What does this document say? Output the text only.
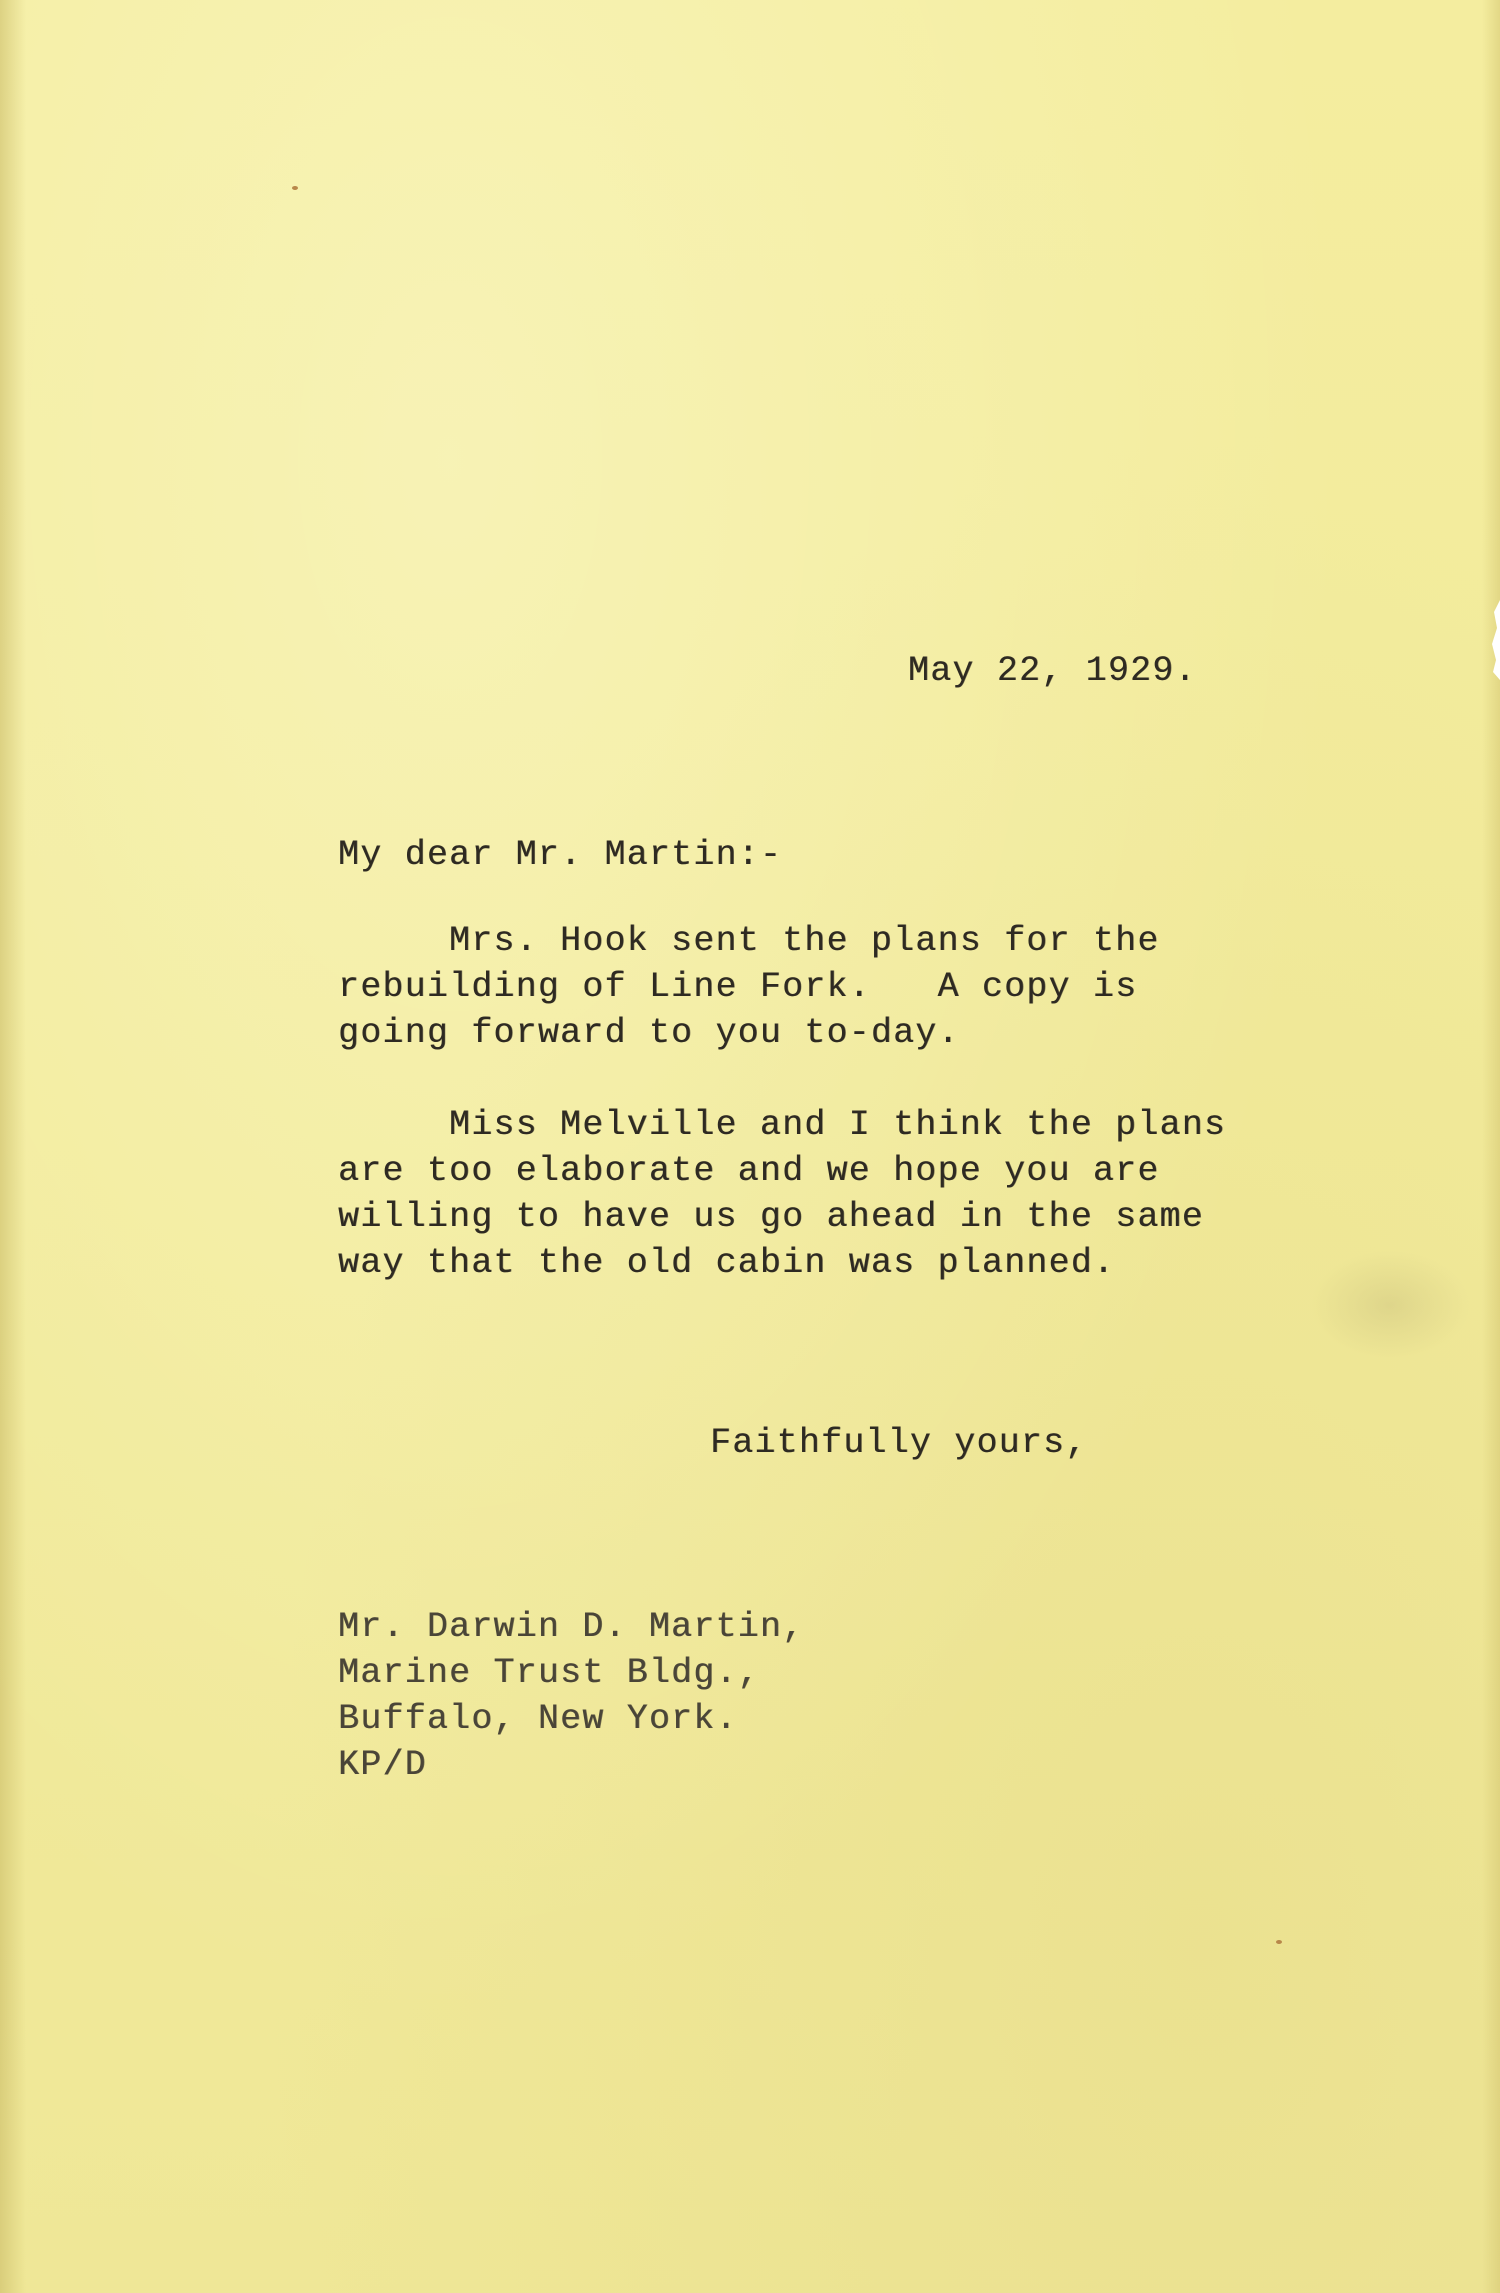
May 22, 1929.

My dear Mr. Martin:-

Mrs. Hook sent the plans for the

rebuilding of Line Fork.   A copy is

going forward to you to-day.

Miss Melville and I think the plans

are too elaborate and we hope you are

willing to have us go ahead in the same

way that the old cabin was planned.

Faithfully yours,

Mr. Darwin D. Martin,

Marine Trust Bldg.,

Buffalo, New York.

KP/D
